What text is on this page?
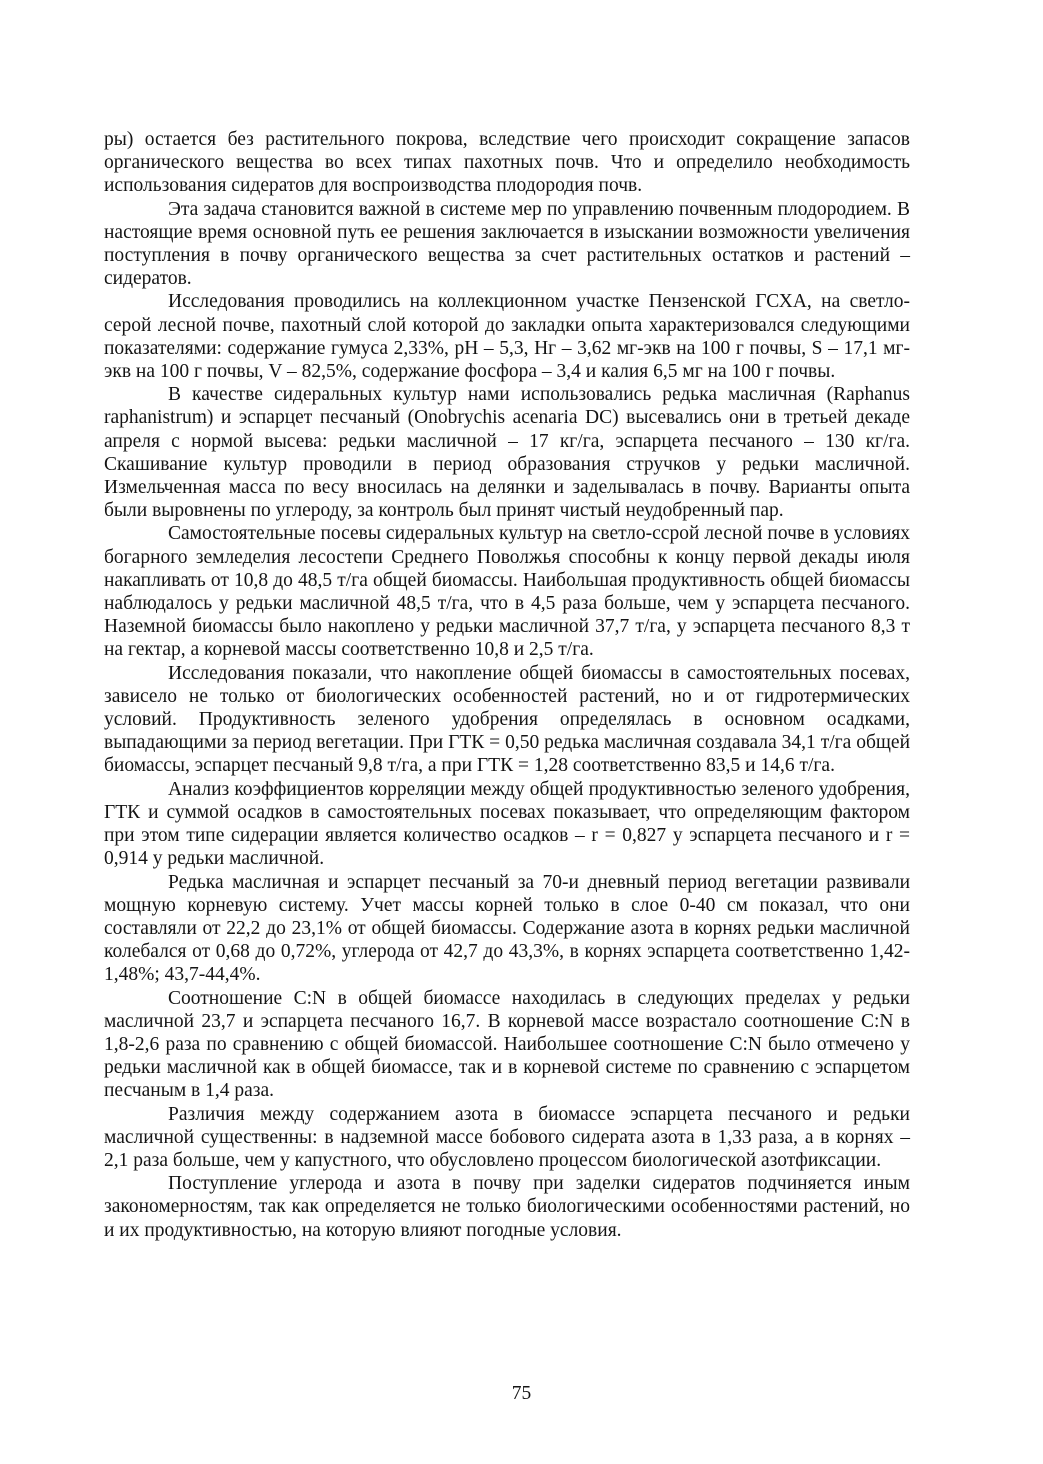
ры) остается без растительного покрова, вследствие чего происходит сокращение запасов органического вещества во всех типах пахотных почв. Что и определило необходимость использования сидератов для воспроизводства плодородия почв.

Эта задача становится важной в системе мер по управлению почвенным плодородием. В настоящие время основной путь ее решения заключается в изыскании возможности увеличения поступления в почву органического вещества за счет растительных остатков и растений – сидератов.

Исследования проводились на коллекционном участке Пензенской ГСХА, на светло-серой лесной почве, пахотный слой которой до закладки опыта характеризовался следующими показателями: содержание гумуса 2,33%, pH – 5,3, Hг – 3,62 мг-экв на 100 г почвы, S – 17,1 мг-экв на 100 г почвы, V – 82,5%, содержание фосфора – 3,4 и калия 6,5 мг на 100 г почвы.

В качестве сидеральных культур нами использовались редька масличная (Raphanus raphanistrum) и эспарцет песчаный (Onobrychis acenaria DC) высевались они в третьей декаде апреля с нормой высева: редьки масличной – 17 кг/га, эспарцета песчаного – 130 кг/га. Скашивание культур проводили в период образования стручков у редьки масличной. Измельченная масса по весу вносилась на делянки и заделывалась в почву. Варианты опыта были выровнены по углероду, за контроль был принят чистый неудобренный пар.

Самостоятельные посевы сидеральных культур на светло-ссрой лесной почве в условиях богарного земледелия лесостепи Среднего Поволжья способны к концу первой декады июля накапливать от 10,8 до 48,5 т/га общей биомассы. Наибольшая продуктивность общей биомассы наблюдалось у редьки масличной 48,5 т/га, что в 4,5 раза больше, чем у эспарцета песчаного. Наземной биомассы было накоплено у редьки масличной 37,7 т/га, у эспарцета песчаного 8,3 т на гектар, а корневой массы соответственно 10,8 и 2,5 т/га.

Исследования показали, что накопление общей биомассы в самостоятельных посевах, зависело не только от биологических особенностей растений, но и от гидротермических условий. Продуктивность зеленого удобрения определялась в основном осадками, выпадающими за период вегетации. При ГТК = 0,50 редька масличная создавала 34,1 т/га общей биомассы, эспарцет песчаный 9,8 т/га, а при ГТК = 1,28 соответственно 83,5 и 14,6 т/га.

Анализ коэффициентов корреляции между общей продуктивностью зеленого удобрения, ГТК и суммой осадков в самостоятельных посевах показывает, что определяющим фактором при этом типе сидерации является количество осадков – r = 0,827 у эспарцета песчаного и r = 0,914 у редьки масличной.

Редька масличная и эспарцет песчаный за 70-и дневный период вегетации развивали мощную корневую систему. Учет массы корней только в слое 0-40 см показал, что они составляли от 22,2 до 23,1% от общей биомассы. Содержание азота в корнях редьки масличной колебался от 0,68 до 0,72%, углерода от 42,7 до 43,3%, в корнях эспарцета соответственно 1,42-1,48%; 43,7-44,4%.

Соотношение C:N в общей биомассе находилась в следующих пределах у редьки масличной 23,7 и эспарцета песчаного 16,7. В корневой массе возрастало соотношение C:N в 1,8-2,6 раза по сравнению с общей биомассой. Наибольшее соотношение C:N было отмечено у редьки масличной как в общей биомассе, так и в корневой системе по сравнению с эспарцетом песчаным в 1,4 раза.

Различия между содержанием азота в биомассе эспарцета песчаного и редьки масличной существенны: в надземной массе бобового сидерата азота в 1,33 раза, а в корнях – 2,1 раза больше, чем у капустного, что обусловлено процессом биологической азотфиксации.

Поступление углерода и азота в почву при заделки сидератов подчиняется иным закономерностям, так как определяется не только биологическими особенностями растений, но и их продуктивностью, на которую влияют погодные условия.

75
